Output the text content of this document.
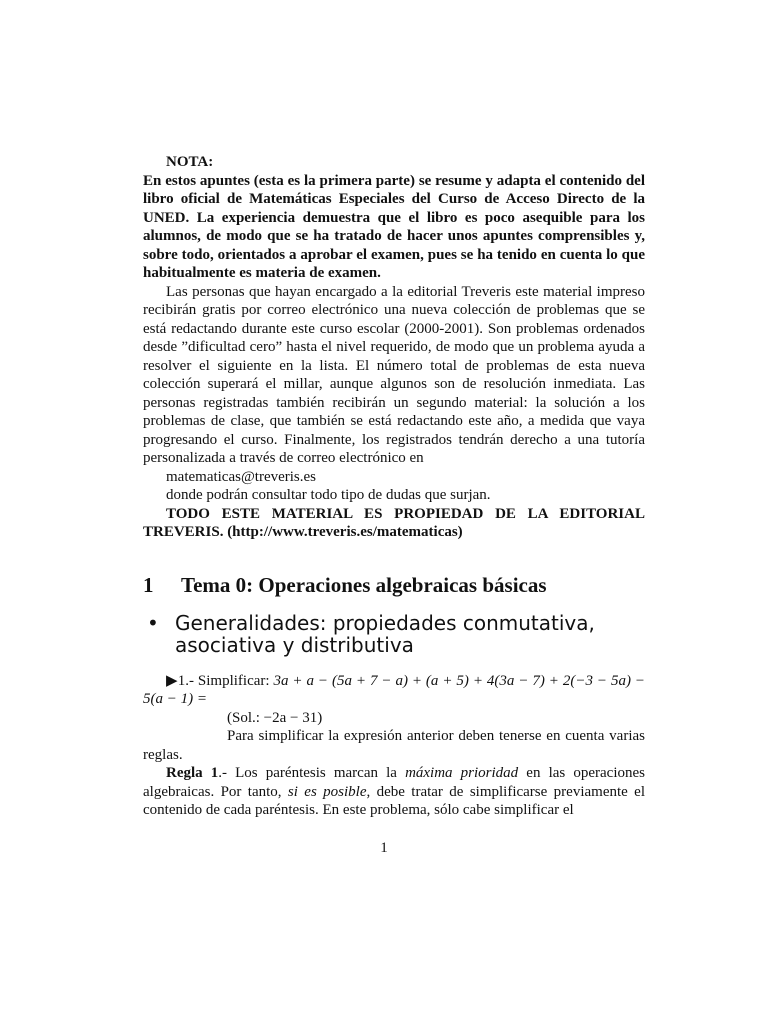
NOTA:

En estos apuntes (esta es la primera parte) se resume y adapta el contenido del libro oficial de Matemáticas Especiales del Curso de Acceso Directo de la UNED. La experiencia demuestra que el libro es poco asequible para los alumnos, de modo que se ha tratado de hacer unos apuntes comprensibles y, sobre todo, orientados a aprobar el examen, pues se ha tenido en cuenta lo que habitualmente es materia de examen.

Las personas que hayan encargado a la editorial Treveris este material impreso recibirán gratis por correo electrónico una nueva colección de problemas que se está redactando durante este curso escolar (2000-2001). Son problemas ordenados desde ”dificultad cero” hasta el nivel requerido, de modo que un problema ayuda a resolver el siguiente en la lista. El número total de problemas de esta nueva colección superará el millar, aunque algunos son de resolución inmediata. Las personas registradas también recibirán un segundo material: la solución a los problemas de clase, que también se está redactando este año, a medida que vaya progresando el curso. Finalmente, los registrados tendrán derecho a una tutoría personalizada a través de correo electrónico en

matematicas@treveris.es

donde podrán consultar todo tipo de dudas que surjan.

TODO ESTE MATERIAL ES PROPIEDAD DE LA EDITORIAL TREVERIS. (http://www.treveris.es/matematicas)

1	Tema 0: Operaciones algebraicas básicas
• Generalidades: propiedades conmutativa, asociativa y distributiva

▶1.- Simplificar: 3a + a − (5a + 7 − a) + (a + 5) + 4(3a − 7) + 2(−3 − 5a) − 5(a − 1) =

(Sol.: −2a − 31)

Para simplificar la expresión anterior deben tenerse en cuenta varias reglas.

Regla 1.- Los paréntesis marcan la máxima prioridad en las operaciones algebraicas. Por tanto, si es posible, debe tratar de simplificarse previamente el contenido de cada paréntesis. En este problema, sólo cabe simplificar el

1
